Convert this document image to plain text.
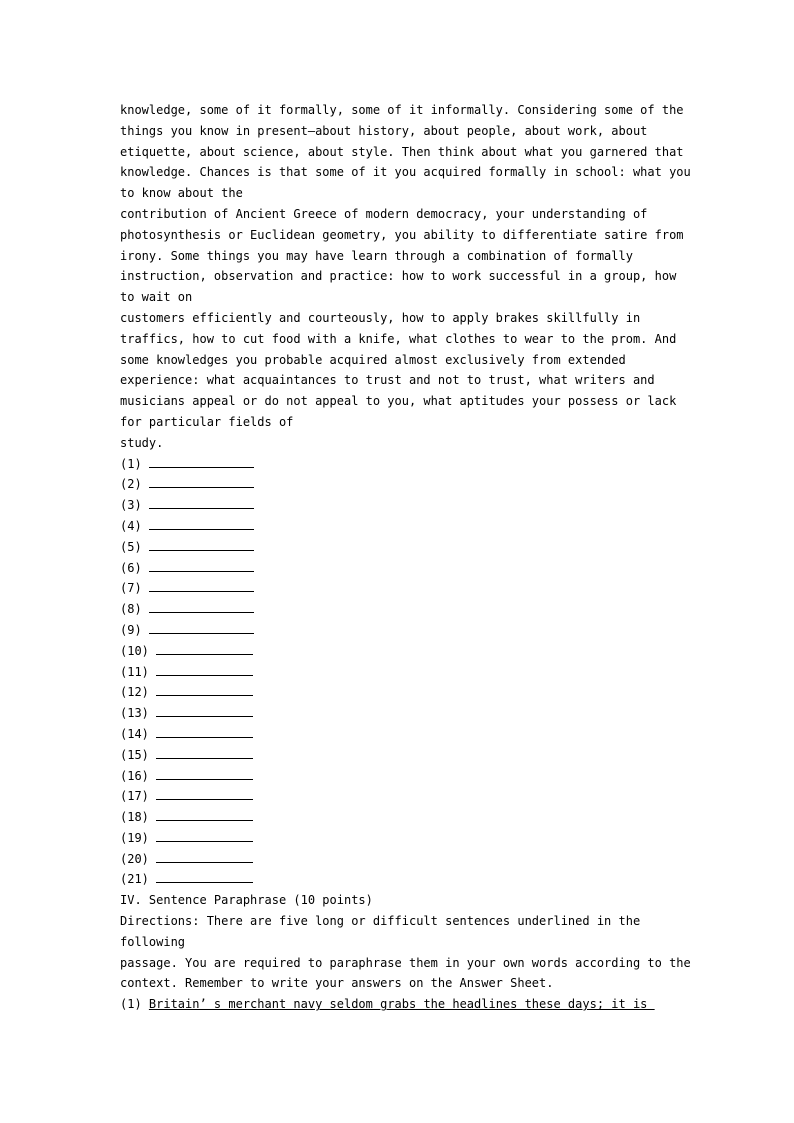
knowledge, some of it formally, some of it informally. Considering some of the
things you know in present—about history, about people, about work, about
etiquette, about science, about style. Then think about what you garnered that
knowledge. Chances is that some of it you acquired formally in school: what you
to know about the
contribution of Ancient Greece of modern democracy, your understanding of
photosynthesis or Euclidean geometry, you ability to differentiate satire from
irony. Some things you may have learn through a combination of formally
instruction, observation and practice: how to work successful in a group, how
to wait on
customers efficiently and courteously, how to apply brakes skillfully in
traffics, how to cut food with a knife, what clothes to wear to the prom. And
some knowledges you probable acquired almost exclusively from extended
experience: what acquaintances to trust and not to trust, what writers and
musicians appeal or do not appeal to you, what aptitudes your possess or lack
for particular fields of
study.
(1)
(2)
(3)
(4)
(5)
(6)
(7)
(8)
(9)
(10)
(11)
(12)
(13)
(14)
(15)
(16)
(17)
(18)
(19)
(20)
(21)
IV. Sentence Paraphrase (10 points)
Directions: There are five long or difficult sentences underlined in the
following
passage. You are required to paraphrase them in your own words according to the
context. Remember to write your answers on the Answer Sheet.
(1) Britain’ s merchant navy seldom grabs the headlines these days; it is
